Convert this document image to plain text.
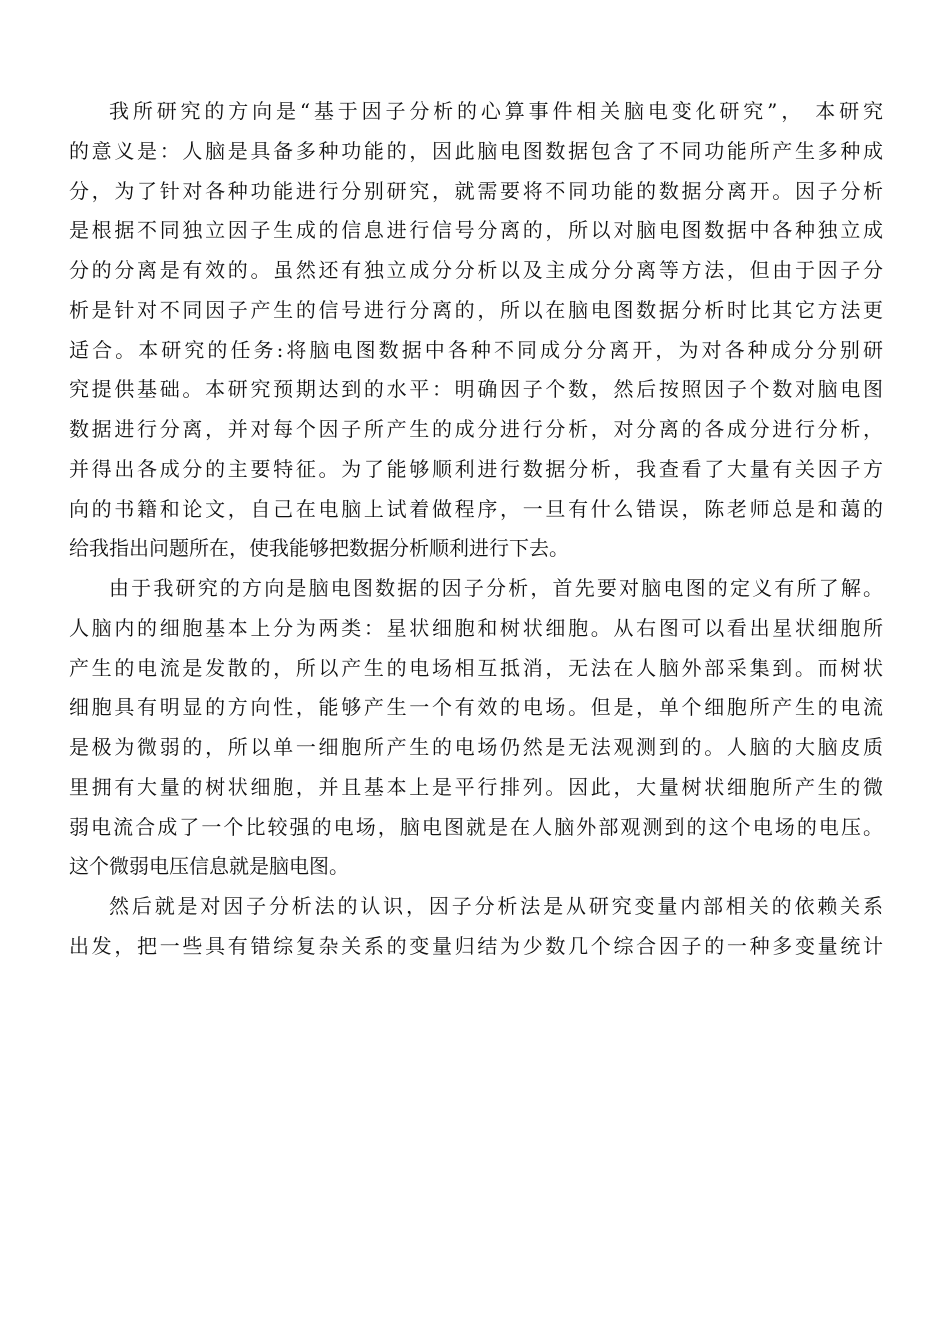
我所研究的方向是“基于因子分析的心算事件相关脑电变化研究”， 本研究
的意义是：人脑是具备多种功能的，因此脑电图数据包含了不同功能所产生多种成
分，为了针对各种功能进行分别研究，就需要将不同功能的数据分离开。因子分析
是根据不同独立因子生成的信息进行信号分离的，所以对脑电图数据中各种独立成
分的分离是有效的。虽然还有独立成分分析以及主成分分离等方法，但由于因子分
析是针对不同因子产生的信号进行分离的，所以在脑电图数据分析时比其它方法更
适合。本研究的任务:将脑电图数据中各种不同成分分离开，为对各种成分分别研
究提供基础。本研究预期达到的水平：明确因子个数，然后按照因子个数对脑电图
数据进行分离，并对每个因子所产生的成分进行分析，对分离的各成分进行分析，
并得出各成分的主要特征。为了能够顺利进行数据分析，我查看了大量有关因子方
向的书籍和论文，自己在电脑上试着做程序，一旦有什么错误，陈老师总是和蔼的
给我指出问题所在，使我能够把数据分析顺利进行下去。
由于我研究的方向是脑电图数据的因子分析，首先要对脑电图的定义有所了解。
人脑内的细胞基本上分为两类：星状细胞和树状细胞。从右图可以看出星状细胞所
产生的电流是发散的，所以产生的电场相互抵消，无法在人脑外部采集到。而树状
细胞具有明显的方向性，能够产生一个有效的电场。但是，单个细胞所产生的电流
是极为微弱的，所以单一细胞所产生的电场仍然是无法观测到的。人脑的大脑皮质
里拥有大量的树状细胞，并且基本上是平行排列。因此，大量树状细胞所产生的微
弱电流合成了一个比较强的电场，脑电图就是在人脑外部观测到的这个电场的电压。
这个微弱电压信息就是脑电图。
然后就是对因子分析法的认识，因子分析法是从研究变量内部相关的依赖关系
出发，把一些具有错综复杂关系的变量归结为少数几个综合因子的一种多变量统计
